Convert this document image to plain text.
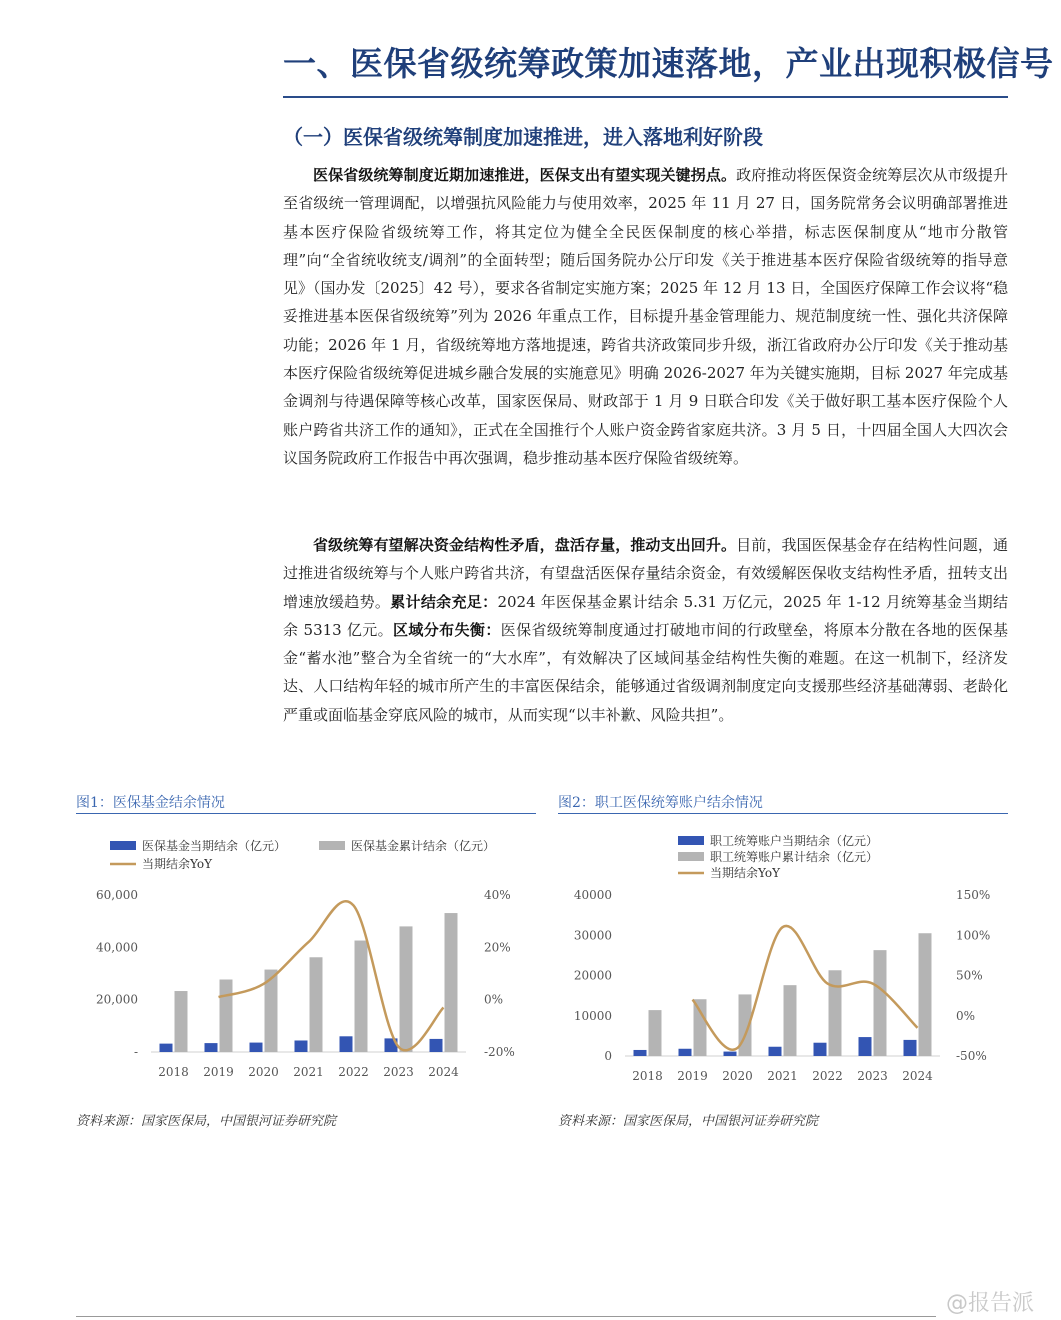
一、医保省级统筹政策加速落地，产业出现积极信号
（一）医保省级统筹制度加速推进，进入落地利好阶段

医保省级统筹制度近期加速推进，医保支出有望实现关键拐点。政府推动将医保资金统筹层次从市级提升至省级统一管理调配，以增强抗风险能力与使用效率，2025 年 11 月 27 日，国务院常务会议明确部署推进基本医疗保险省级统筹工作，将其定位为健全全民医保制度的核心举措，标志医保制度从“地市分散管理”向“全省统收统支/调剂”的全面转型；随后国务院办公厅印发《关于推进基本医疗保险省级统筹的指导意见》（国办发〔2025〕42 号），要求各省制定实施方案；2025 年 12 月 13 日，全国医疗保障工作会议将“稳妥推进基本医保省级统筹”列为 2026 年重点工作，目标提升基金管理能力、规范制度统一性、强化共济保障功能；2026 年 1 月，省级统筹地方落地提速，跨省共济政策同步升级，浙江省政府办公厅印发《关于推动基本医疗保险省级统筹促进城乡融合发展的实施意见》明确 2026-2027 年为关键实施期，目标 2027 年完成基金调剂与待遇保障等核心改革，国家医保局、财政部于 1 月 9 日联合印发《关于做好职工基本医疗保险个人账户跨省共济工作的通知》，正式在全国推行个人账户资金跨省家庭共济。3 月 5 日，十四届全国人大四次会议国务院政府工作报告中再次强调，稳步推动基本医疗保险省级统筹。

省级统筹有望解决资金结构性矛盾，盘活存量，推动支出回升。目前，我国医保基金存在结构性问题，通过推进省级统筹与个人账户跨省共济，有望盘活医保存量结余资金，有效缓解医保收支结构性矛盾，扭转支出增速放缓趋势。累计结余充足：2024 年医保基金累计结余 5.31 万亿元，2025 年 1-12 月统筹基金当期结余 5313 亿元。区域分布失衡：医保省级统筹制度通过打破地市间的行政壁垒，将原本分散在各地的医保基金“蓄水池”整合为全省统一的“大水库”，有效解决了区域间基金结构性失衡的难题。在这一机制下，经济发达、人口结构年轻的城市所产生的丰富医保结余，能够通过省级调剂制度定向支援那些经济基础薄弱、老龄化严重或面临基金穿底风险的城市，从而实现“以丰补歉、风险共担”。

图1：医保基金结余情况
医保基金当期结余（亿元）	医保基金累计结余（亿元）
当期结余YoY
-
20,000
40,000
60,000
-20%
0%
20%
40%
2018 2019 2020 2021 2022 2023 2024
资料来源：国家医保局，中国银河证券研究院
图2：职工医保统筹账户结余情况
职工统筹账户当期结余（亿元）
职工统筹账户累计结余（亿元）
当期结余YoY
0
10000
20000
30000
40000
-50%
0%
50%
100%
150%
2018 2019 2020 2021 2022 2023 2024
资料来源：国家医保局，中国银河证券研究院
@报告派
